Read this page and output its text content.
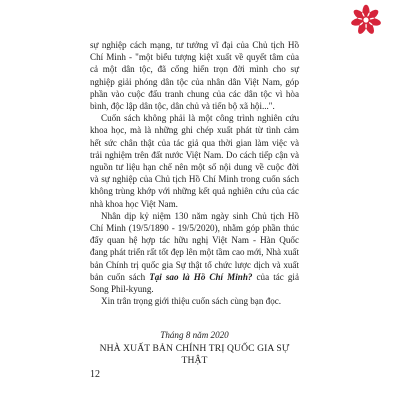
sự nghiệp cách mạng, tư tưởng vĩ đại của Chủ tịch Hồ Chí Minh - "một biểu tượng kiệt xuất về quyết tâm của cả một dân tộc, đã cống hiến trọn đời mình cho sự nghiệp giải phóng dân tộc của nhân dân Việt Nam, góp phần vào cuộc đấu tranh chung của các dân tộc vì hòa bình, độc lập dân tộc, dân chủ và tiến bộ xã hội...".

Cuốn sách không phải là một công trình nghiên cứu khoa học, mà là những ghi chép xuất phát từ tình cảm hết sức chân thật của tác giả qua thời gian làm việc và trải nghiệm trên đất nước Việt Nam. Do cách tiếp cận và nguồn tư liệu hạn chế nên một số nội dung về cuộc đời và sự nghiệp của Chủ tịch Hồ Chí Minh trong cuốn sách không trùng khớp với những kết quả nghiên cứu của các nhà khoa học Việt Nam.

Nhân dịp kỷ niệm 130 năm ngày sinh Chủ tịch Hồ Chí Minh (19/5/1890 - 19/5/2020), nhằm góp phần thúc đẩy quan hệ hợp tác hữu nghị Việt Nam - Hàn Quốc đang phát triển rất tốt đẹp lên một tầm cao mới, Nhà xuất bản Chính trị quốc gia Sự thật tổ chức lược dịch và xuất bản cuốn sách Tại sao là Hồ Chí Minh? của tác giả Song Phil-kyung.

Xin trân trọng giới thiệu cuốn sách cùng bạn đọc.

Tháng 8 năm 2020
NHÀ XUẤT BẢN CHÍNH TRỊ QUỐC GIA SỰ THẬT
12
